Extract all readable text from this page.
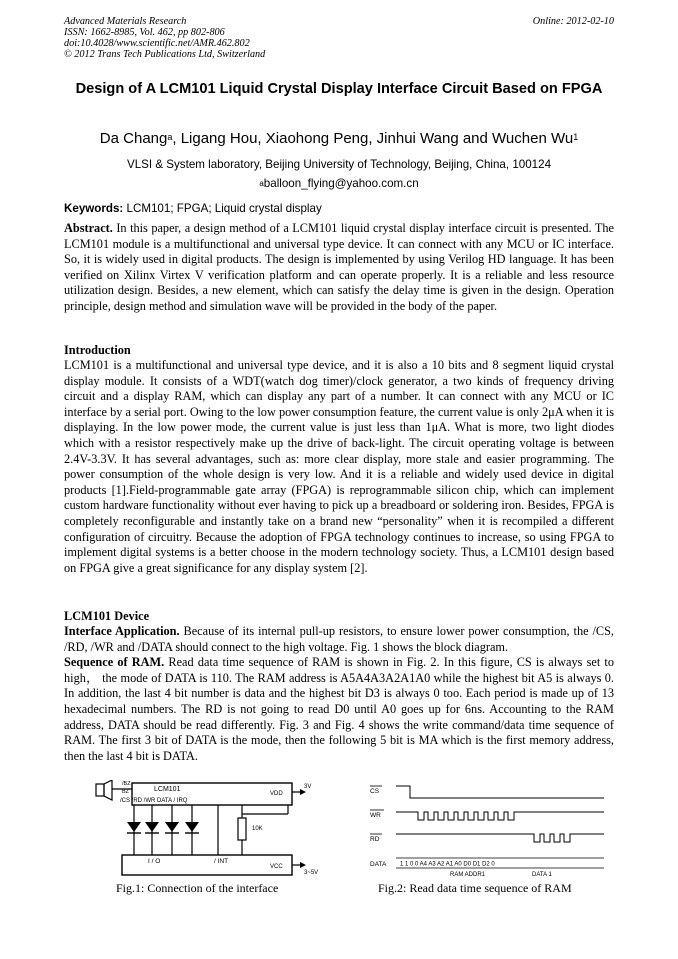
Advanced Materials Research
ISSN: 1662-8985, Vol. 462, pp 802-806
doi:10.4028/www.scientific.net/AMR.462.802
© 2012 Trans Tech Publications Ltd, Switzerland
Online: 2012-02-10
Design of A LCM101 Liquid Crystal Display Interface Circuit Based on FPGA
Da Chang$^a$, Ligang Hou, Xiaohong Peng, Jinhui Wang and Wuchen Wu$^1$
VLSI & System laboratory, Beijing University of Technology, Beijing, China, 100124
$^a$balloon_flying@yahoo.com.cn
Keywords: LCM101; FPGA; Liquid crystal display
Abstract. In this paper, a design method of a LCM101 liquid crystal display interface circuit is presented. The LCM101 module is a multifunctional and universal type device. It can connect with any MCU or IC interface. So, it is widely used in digital products. The design is implemented by using Verilog HD language. It has been verified on Xilinx Virtex V verification platform and can operate properly. It is a reliable and less resource utilization design. Besides, a new element, which can satisfy the delay time is given in the design. Operation principle, design method and simulation wave will be provided in the body of the paper.
Introduction
LCM101 is a multifunctional and universal type device, and it is also a 10 bits and 8 segment liquid crystal display module. It consists of a WDT(watch dog timer)/clock generator, a two kinds of frequency driving circuit and a display RAM, which can display any part of a number. It can connect with any MCU or IC interface by a serial port. Owing to the low power consumption feature, the current value is only 2μA when it is displaying. In the low power mode, the current value is just less than 1μA. What is more, two light diodes which with a resistor respectively make up the drive of back-light. The circuit operating voltage is between 2.4V-3.3V. It has several advantages, such as: more clear display, more stale and easier programming. The power consumption of the whole design is very low. And it is a reliable and widely used device in digital products [1].Field-programmable gate array (FPGA) is reprogrammable silicon chip, which can implement custom hardware functionality without ever having to pick up a breadboard or soldering iron. Besides, FPGA is completely reconfigurable and instantly take on a brand new “personality” when it is recompiled a different configuration of circuitry. Because the adoption of FPGA technology continues to increase, so using FPGA to implement digital systems is a better choose in the modern technology society. Thus, a LCM101 design based on FPGA give a great significance for any display system [2].
LCM101 Device

Interface Application. Because of its internal pull-up resistors, to ensure lower power consumption, the /CS, /RD, /WR and /DATA should connect to the high voltage. Fig. 1 shows the block diagram.

Sequence of RAM. Read data time sequence of RAM is shown in Fig. 2. In this figure, CS is always set to high， the mode of DATA is 110. The RAM address is A5A4A3A2A1A0 while the highest bit A5 is always 0. In addition, the last 4 bit number is data and the highest bit D3 is always 0 too. Each period is made up of 13 hexadecimal numbers. The RD is not going to read D0 until A0 goes up for 6ns. Accounting to the RAM address, DATA should be read differently. Fig. 3 and Fig. 4 shows the write command/data time sequence of RAM. The first 3 bit of DATA is the mode, then the following 5 bit is MA which is the first memory address, then the last 4 bit is DATA.

LCM101
/BZ
BZ
/CS /RD /WR DATA / IRQ
VDD
3V
10K
I / O	/ INT
VCC
3~5V
Fig.1: Connection of the interface
CS
WR
RD
DATA 1 1 0 0 A4 A3 A2 A1 A0 D0 D1 D2 0
RAM ADDR1	DATA 1
Fig.2: Read data time sequence of RAM
